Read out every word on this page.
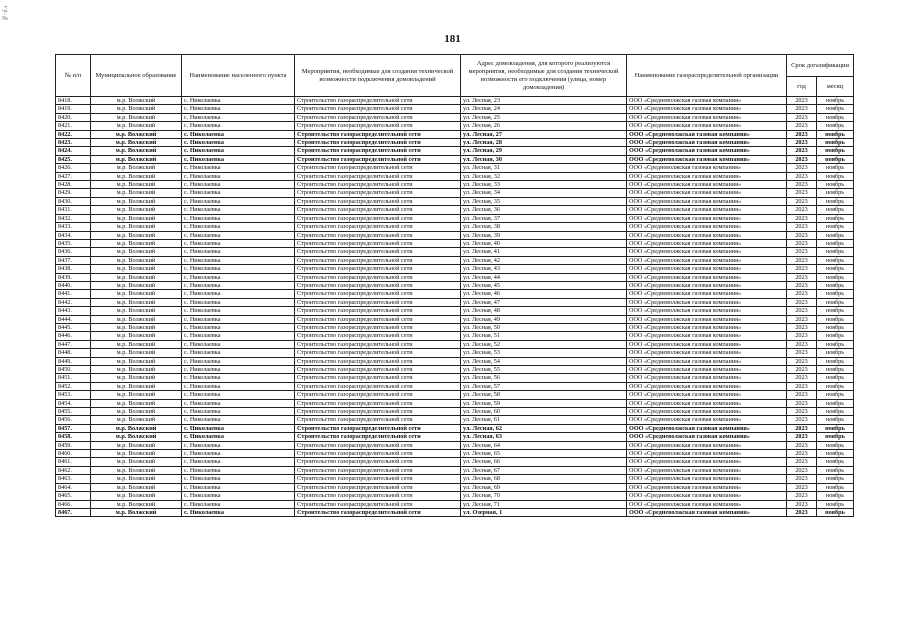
гр.№
181
№ п/п	Муниципальное образование	Наименование населенного пункта	Мероприятия, необходимые для создания технической возможности подключения домовладений	Адрес домовладения, для которого реализуются мероприятия, необходимые для создания технической возможности его подключения (улица, номер домовладения)	Наименование газораспределительной организации	Срок догазификации	
						год	месяц
8418.	м.р. Волжский	с. Николаевка	Строительство газораспределительной сети	ул. Лесная, 23	ООО «Средневолжская газовая компания»	2023	ноябрь
8419.	м.р. Волжский	с. Николаевка	Строительство газораспределительной сети	ул. Лесная, 24	ООО «Средневолжская газовая компания»	2023	ноябрь
8420.	м.р. Волжский	с. Николаевка	Строительство газораспределительной сети	ул. Лесная, 25	ООО «Средневолжская газовая компания»	2023	ноябрь
8421.	м.р. Волжский	с. Николаевка	Строительство газораспределительной сети	ул. Лесная, 26	ООО «Средневолжская газовая компания»	2023	ноябрь
8422.	м.р. Волжский	с. Николаевка	Строительство газораспределительной сети	ул. Лесная, 27	ООО «Средневолжская газовая компания»	2023	ноябрь
8423.	м.р. Волжский	с. Николаевка	Строительство газораспределительной сети	ул. Лесная, 28	ООО «Средневолжская газовая компания»	2023	ноябрь
8424.	м.р. Волжский	с. Николаевка	Строительство газораспределительной сети	ул. Лесная, 29	ООО «Средневолжская газовая компания»	2023	ноябрь
8425.	м.р. Волжский	с. Николаевка	Строительство газораспределительной сети	ул. Лесная, 30	ООО «Средневолжская газовая компания»	2023	ноябрь
8426.	м.р. Волжский	с. Николаевка	Строительство газораспределительной сети	ул. Лесная, 31	ООО «Средневолжская газовая компания»	2023	ноябрь
8427.	м.р. Волжский	с. Николаевка	Строительство газораспределительной сети	ул. Лесная, 32	ООО «Средневолжская газовая компания»	2023	ноябрь
8428.	м.р. Волжский	с. Николаевка	Строительство газораспределительной сети	ул. Лесная, 33	ООО «Средневолжская газовая компания»	2023	ноябрь
8429.	м.р. Волжский	с. Николаевка	Строительство газораспределительной сети	ул. Лесная, 34	ООО «Средневолжская газовая компания»	2023	ноябрь
8430.	м.р. Волжский	с. Николаевка	Строительство газораспределительной сети	ул. Лесная, 35	ООО «Средневолжская газовая компания»	2023	ноябрь
8431.	м.р. Волжский	с. Николаевка	Строительство газораспределительной сети	ул. Лесная, 36	ООО «Средневолжская газовая компания»	2023	ноябрь
8432.	м.р. Волжский	с. Николаевка	Строительство газораспределительной сети	ул. Лесная, 37	ООО «Средневолжская газовая компания»	2023	ноябрь
8433.	м.р. Волжский	с. Николаевка	Строительство газораспределительной сети	ул. Лесная, 38	ООО «Средневолжская газовая компания»	2023	ноябрь
8434.	м.р. Волжский	с. Николаевка	Строительство газораспределительной сети	ул. Лесная, 39	ООО «Средневолжская газовая компания»	2023	ноябрь
8435.	м.р. Волжский	с. Николаевка	Строительство газораспределительной сети	ул. Лесная, 40	ООО «Средневолжская газовая компания»	2023	ноябрь
8436.	м.р. Волжский	с. Николаевка	Строительство газораспределительной сети	ул. Лесная, 41	ООО «Средневолжская газовая компания»	2023	ноябрь
8437.	м.р. Волжский	с. Николаевка	Строительство газораспределительной сети	ул. Лесная, 42	ООО «Средневолжская газовая компания»	2023	ноябрь
8438.	м.р. Волжский	с. Николаевка	Строительство газораспределительной сети	ул. Лесная, 43	ООО «Средневолжская газовая компания»	2023	ноябрь
8439.	м.р. Волжский	с. Николаевка	Строительство газораспределительной сети	ул. Лесная, 44	ООО «Средневолжская газовая компания»	2023	ноябрь
8440.	м.р. Волжский	с. Николаевка	Строительство газораспределительной сети	ул. Лесная, 45	ООО «Средневолжская газовая компания»	2023	ноябрь
8441.	м.р. Волжский	с. Николаевка	Строительство газораспределительной сети	ул. Лесная, 46	ООО «Средневолжская газовая компания»	2023	ноябрь
8442.	м.р. Волжский	с. Николаевка	Строительство газораспределительной сети	ул. Лесная, 47	ООО «Средневолжская газовая компания»	2023	ноябрь
8443.	м.р. Волжский	с. Николаевка	Строительство газораспределительной сети	ул. Лесная, 48	ООО «Средневолжская газовая компания»	2023	ноябрь
8444.	м.р. Волжский	с. Николаевка	Строительство газораспределительной сети	ул. Лесная, 49	ООО «Средневолжская газовая компания»	2023	ноябрь
8445.	м.р. Волжский	с. Николаевка	Строительство газораспределительной сети	ул. Лесная, 50	ООО «Средневолжская газовая компания»	2023	ноябрь
8446.	м.р. Волжский	с. Николаевка	Строительство газораспределительной сети	ул. Лесная, 51	ООО «Средневолжская газовая компания»	2023	ноябрь
8447.	м.р. Волжский	с. Николаевка	Строительство газораспределительной сети	ул. Лесная, 52	ООО «Средневолжская газовая компания»	2023	ноябрь
8448.	м.р. Волжский	с. Николаевка	Строительство газораспределительной сети	ул. Лесная, 53	ООО «Средневолжская газовая компания»	2023	ноябрь
8449.	м.р. Волжский	с. Николаевка	Строительство газораспределительной сети	ул. Лесная, 54	ООО «Средневолжская газовая компания»	2023	ноябрь
8450.	м.р. Волжский	с. Николаевка	Строительство газораспределительной сети	ул. Лесная, 55	ООО «Средневолжская газовая компания»	2023	ноябрь
8451.	м.р. Волжский	с. Николаевка	Строительство газораспределительной сети	ул. Лесная, 56	ООО «Средневолжская газовая компания»	2023	ноябрь
8452.	м.р. Волжский	с. Николаевка	Строительство газораспределительной сети	ул. Лесная, 57	ООО «Средневолжская газовая компания»	2023	ноябрь
8453.	м.р. Волжский	с. Николаевка	Строительство газораспределительной сети	ул. Лесная, 58	ООО «Средневолжская газовая компания»	2023	ноябрь
8454.	м.р. Волжский	с. Николаевка	Строительство газораспределительной сети	ул. Лесная, 59	ООО «Средневолжская газовая компания»	2023	ноябрь
8455.	м.р. Волжский	с. Николаевка	Строительство газораспределительной сети	ул. Лесная, 60	ООО «Средневолжская газовая компания»	2023	ноябрь
8456.	м.р. Волжский	с. Николаевка	Строительство газораспределительной сети	ул. Лесная, 61	ООО «Средневолжская газовая компания»	2023	ноябрь
8457.	м.р. Волжский	с. Николаевка	Строительство газораспределительной сети	ул. Лесная, 62	ООО «Средневолжская газовая компания»	2023	ноябрь
8458.	м.р. Волжский	с. Николаевка	Строительство газораспределительной сети	ул. Лесная, 63	ООО «Средневолжская газовая компания»	2023	ноябрь
8459.	м.р. Волжский	с. Николаевка	Строительство газораспределительной сети	ул. Лесная, 64	ООО «Средневолжская газовая компания»	2023	ноябрь
8460.	м.р. Волжский	с. Николаевка	Строительство газораспределительной сети	ул. Лесная, 65	ООО «Средневолжская газовая компания»	2023	ноябрь
8461.	м.р. Волжский	с. Николаевка	Строительство газораспределительной сети	ул. Лесная, 66	ООО «Средневолжская газовая компания»	2023	ноябрь
8462.	м.р. Волжский	с. Николаевка	Строительство газораспределительной сети	ул. Лесная, 67	ООО «Средневолжская газовая компания»	2023	ноябрь
8463.	м.р. Волжский	с. Николаевка	Строительство газораспределительной сети	ул. Лесная, 68	ООО «Средневолжская газовая компания»	2023	ноябрь
8464.	м.р. Волжский	с. Николаевка	Строительство газораспределительной сети	ул. Лесная, 69	ООО «Средневолжская газовая компания»	2023	ноябрь
8465.	м.р. Волжский	с. Николаевка	Строительство газораспределительной сети	ул. Лесная, 70	ООО «Средневолжская газовая компания»	2023	ноябрь
8466.	м.р. Волжский	с. Николаевка	Строительство газораспределительной сети	ул. Лесная, 71	ООО «Средневолжская газовая компания»	2023	ноябрь
8467.	м.р. Волжский	с. Николаевка	Строительство газораспределительной сети	ул. Озерная, 1	ООО «Средневолжская газовая компания»	2023	ноябрь
